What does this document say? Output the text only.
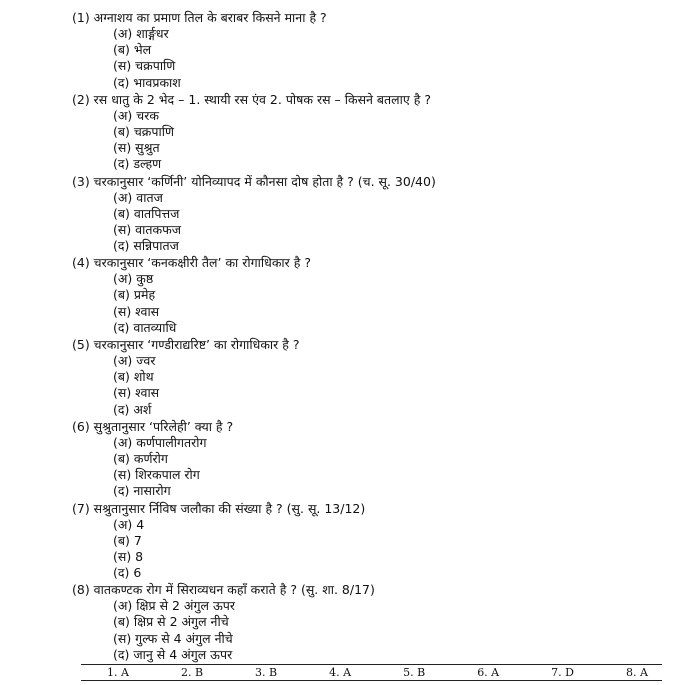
(1) अग्नाशय का प्रमाण तिल के बराबर किसने माना है ?
(अ) शार्ङ्गधर
(ब) भेल
(स) चक्रपाणि
(द) भावप्रकाश
(2) रस धातु के 2 भेद – 1. स्थायी रस एंव 2. पोषक रस – किसने बतलाए है ?
(अ) चरक
(ब) चक्रपाणि
(स) सुश्रुत
(द) डल्हण
(3) चरकानुसार ‘कर्णिनी’ योनिव्यापद में कौनसा दोष होता है ? (च. सू. 30/40)
(अ) वातज
(ब) वातपित्तज
(स) वातकफज
(द) सन्निपातज
(4) चरकानुसार ‘कनकक्षीरी तैल’ का रोगाधिकार है ?
(अ) कुष्ठ
(ब) प्रमेह
(स) श्वास
(द) वातव्याधि
(5) चरकानुसार ‘गण्डीराद्यरिष्ट’ का रोगाधिकार है ?
(अ) ज्वर
(ब) शोथ
(स) श्वास
(द) अर्श
(6) सुश्रुतानुसार ‘परिलेही’ क्या है ?
(अ) कर्णपालीगतरोग
(ब) कर्णरोग
(स) शिरकपाल रोग
(द) नासारोग
(7) सश्रुतानुसार र्निविष जलौका की संख्या है ? (सु. सू. 13/12)
(अ) 4
(ब) 7
(स) 8
(द) 6
(8) वातकण्टक रोग में सिराव्यधन कहाँ कराते है ? (सु. शा. 8/17)
(अ) क्षिप्र से 2 अंगुल ऊपर
(ब) क्षिप्र से 2 अंगुल नीचे
(स) गुल्फ से 4 अंगुल नीचे
(द) जानु से 4 अंगुल ऊपर
1. A	2. B	3. B	4. A	5. B	6. A	7. D	8. A
